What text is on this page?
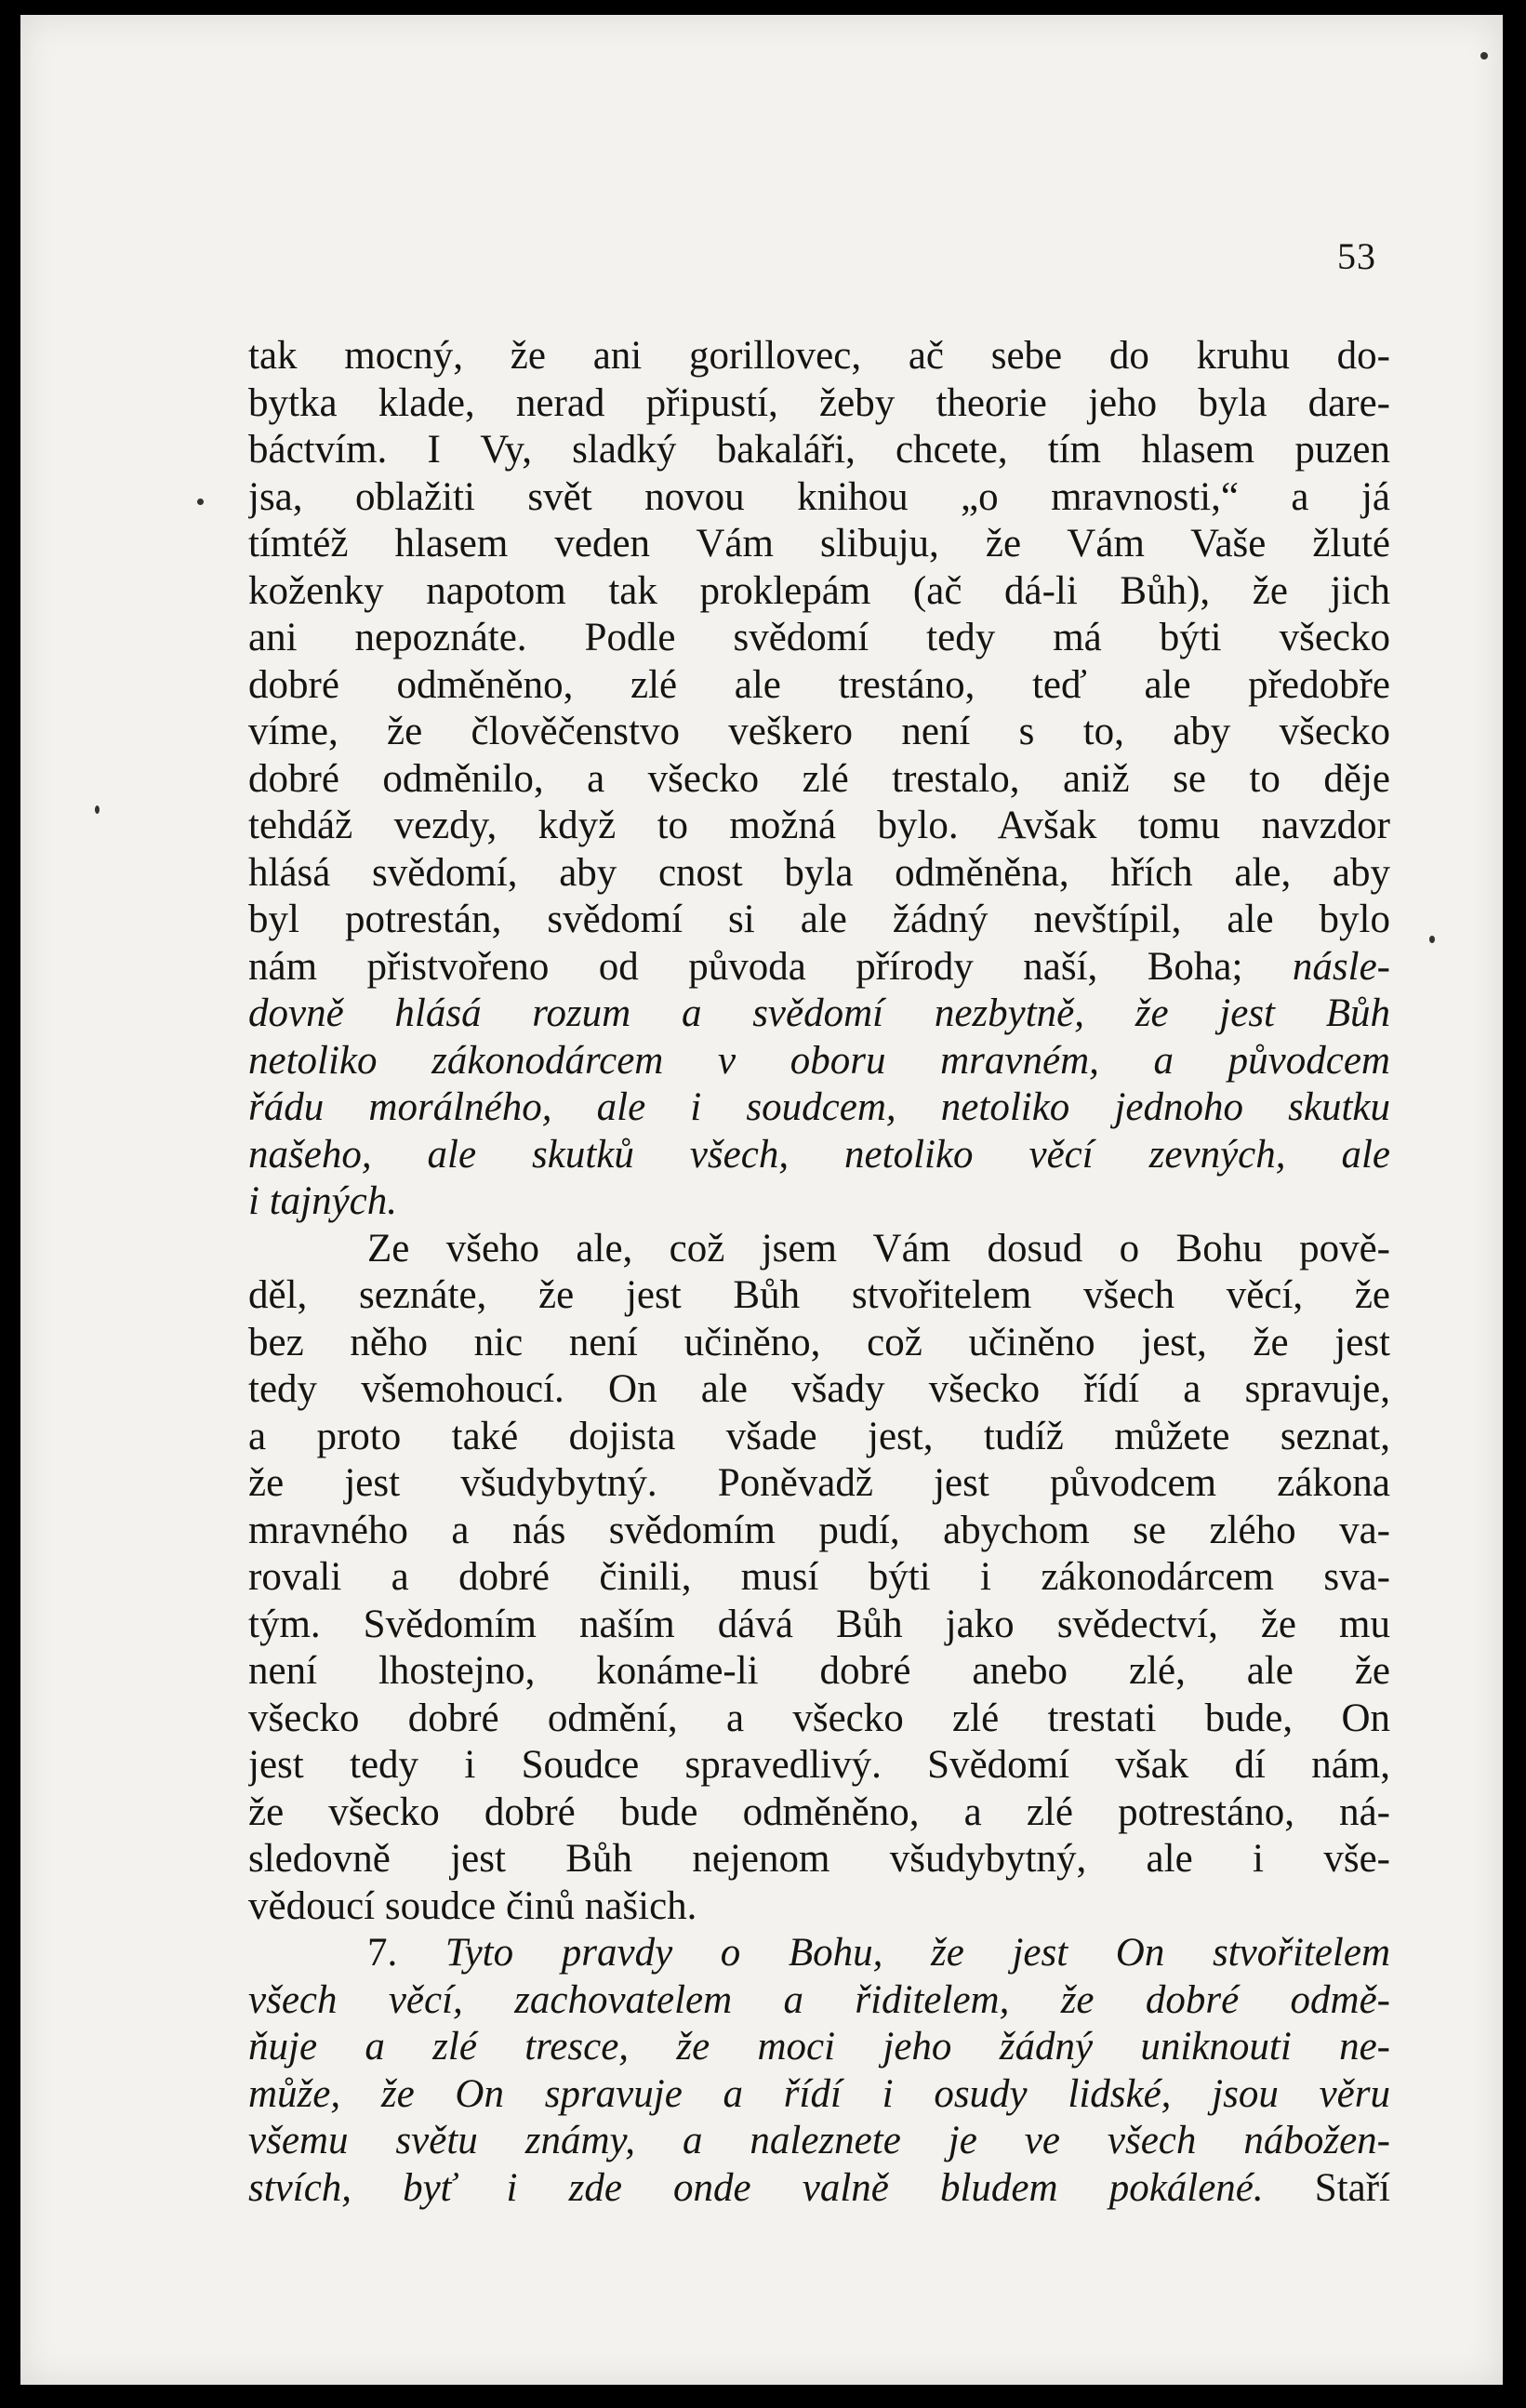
53
tak mocný, že ani gorillovec, ač sebe do kruhu do-
bytka klade, nerad připustí, žeby theorie jeho byla dare-
báctvím. I Vy, sladký bakaláři, chcete, tím hlasem puzen
jsa, oblažiti svět novou knihou „o mravnosti,“ a já
tímtéž hlasem veden Vám slibuju, že Vám Vaše žluté
koženky napotom tak proklepám (ač dá-li Bůh), že jich
ani nepoznáte. Podle svědomí tedy má býti všecko
dobré odměněno, zlé ale trestáno, teď ale předobře
víme, že člověčenstvo veškero není s to, aby všecko
dobré odměnilo, a všecko zlé trestalo, aniž se to děje
tehdáž vezdy, když to možná bylo. Avšak tomu navzdor
hlásá svědomí, aby cnost byla odměněna, hřích ale, aby
byl potrestán, svědomí si ale žádný nevštípil, ale bylo
nám přistvořeno od původa přírody naší, Boha; násle-
dovně hlásá rozum a svědomí nezbytně, že jest Bůh
netoliko zákonodárcem v oboru mravném, a původcem
řádu morálného, ale i soudcem, netoliko jednoho skutku
našeho, ale skutků všech, netoliko věcí zevných, ale
i tajných.
Ze všeho ale, což jsem Vám dosud o Bohu pově-
děl, seznáte, že jest Bůh stvořitelem všech věcí, že
bez něho nic není učiněno, což učiněno jest, že jest
tedy všemohoucí. On ale všady všecko řídí a spravuje,
a proto také dojista všade jest, tudíž můžete seznat,
že jest všudybytný. Poněvadž jest původcem zákona
mravného a nás svědomím pudí, abychom se zlého va-
rovali a dobré činili, musí býti i zákonodárcem sva-
tým. Svědomím naším dává Bůh jako svědectví, že mu
není lhostejno, konáme-li dobré anebo zlé, ale že
všecko dobré odmění, a všecko zlé trestati bude, On
jest tedy i Soudce spravedlivý. Svědomí však dí nám,
že všecko dobré bude odměněno, a zlé potrestáno, ná-
sledovně jest Bůh nejenom všudybytný, ale i vše-
vědoucí soudce činů našich.
7. Tyto pravdy o Bohu, že jest On stvořitelem
všech věcí, zachovatelem a řiditelem, že dobré odmě-
ňuje a zlé tresce, že moci jeho žádný uniknouti ne-
může, že On spravuje a řídí i osudy lidské, jsou věru
všemu světu známy, a naleznete je ve všech nábožen-
stvích, byť i zde onde valně bludem pokálené. Staří
